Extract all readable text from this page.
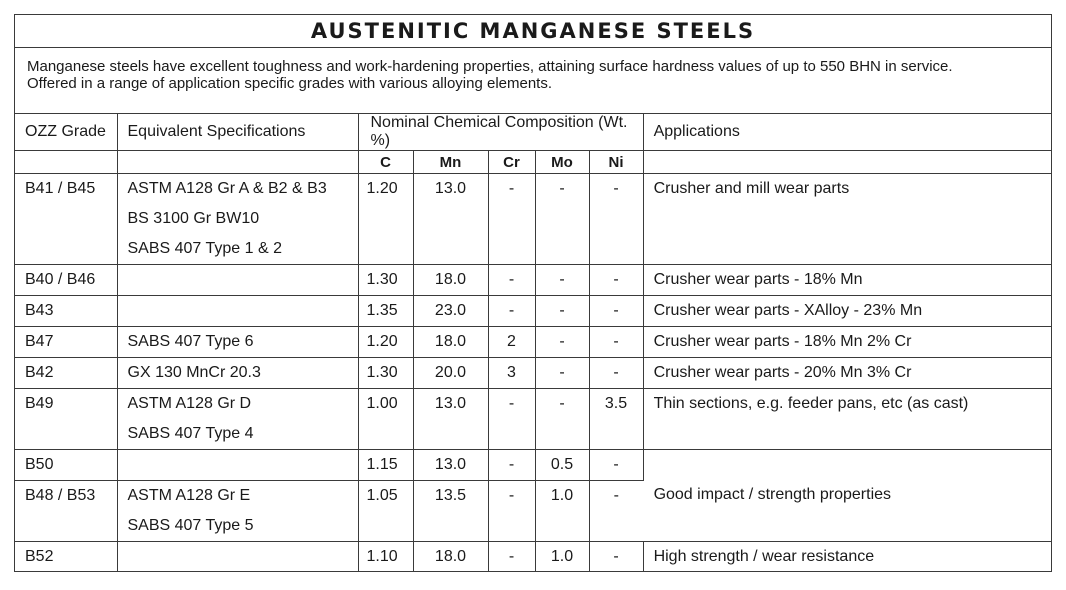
AUSTENITIC MANGANESE STEELS
Manganese steels have excellent toughness and work-hardening properties, attaining surface hardness values of up to 550 BHN in service.
Offered in a range of application specific grades with various alloying elements.
OZZ Grade	Equivalent Specifications	Nominal Chemical Composition (Wt. %)					Applications
		C	Mn	Cr	Mo	Ni	

B41 / B45	ASTM A128 Gr A & B2 & B3
BS 3100 Gr BW10
SABS 407 Type 1 & 2	1.20	13.0	-	-	-	Crusher and mill wear parts

B40 / B46		1.30	18.0	-	-	-	Crusher wear parts - 18% Mn

B43		1.35	23.0	-	-	-	Crusher wear parts - XAlloy - 23% Mn

B47	SABS 407 Type 6	1.20	18.0	2	-	-	Crusher wear parts - 18% Mn 2% Cr

B42	GX 130 MnCr 20.3	1.30	20.0	3	-	-	Crusher wear parts - 20% Mn 3% Cr

B49	ASTM A128 Gr D
SABS 407 Type 4	1.00	13.0	-	-	3.5	Thin sections, e.g. feeder pans, etc (as cast)

B50		1.15	13.0	-	0.5	-	Good impact / strength properties

B48 / B53	ASTM A128 Gr E
SABS 407 Type 5	1.05	13.5	-	1.0	-	

B52		1.10	18.0	-	1.0	-	High strength / wear resistance
